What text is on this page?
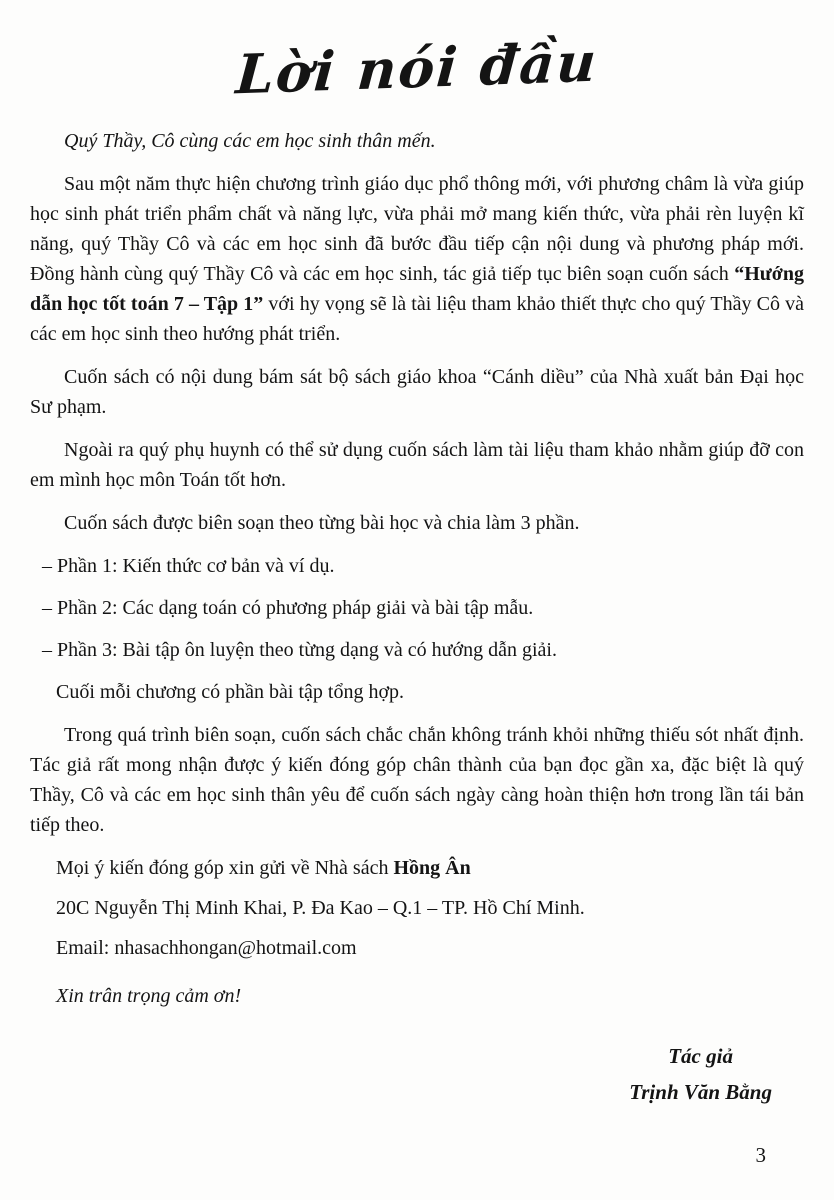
Lời nói đầu

Quý Thầy, Cô cùng các em học sinh thân mến.

Sau một năm thực hiện chương trình giáo dục phổ thông mới, với phương châm là vừa giúp học sinh phát triển phẩm chất và năng lực, vừa phải mở mang kiến thức, vừa phải rèn luyện kĩ năng, quý Thầy Cô và các em học sinh đã bước đầu tiếp cận nội dung và phương pháp mới. Đồng hành cùng quý Thầy Cô và các em học sinh, tác giả tiếp tục biên soạn cuốn sách “Hướng dẫn học tốt toán 7 – Tập 1” với hy vọng sẽ là tài liệu tham khảo thiết thực cho quý Thầy Cô và các em học sinh theo hướng phát triển.

Cuốn sách có nội dung bám sát bộ sách giáo khoa “Cánh diều” của Nhà xuất bản Đại học Sư phạm.

Ngoài ra quý phụ huynh có thể sử dụng cuốn sách làm tài liệu tham khảo nhằm giúp đỡ con em mình học môn Toán tốt hơn.

Cuốn sách được biên soạn theo từng bài học và chia làm 3 phần.

– Phần 1: Kiến thức cơ bản và ví dụ.

– Phần 2: Các dạng toán có phương pháp giải và bài tập mẫu.

– Phần 3: Bài tập ôn luyện theo từng dạng và có hướng dẫn giải.

Cuối mỗi chương có phần bài tập tổng hợp.

Trong quá trình biên soạn, cuốn sách chắc chắn không tránh khỏi những thiếu sót nhất định. Tác giả rất mong nhận được ý kiến đóng góp chân thành của bạn đọc gần xa, đặc biệt là quý Thầy, Cô và các em học sinh thân yêu để cuốn sách ngày càng hoàn thiện hơn trong lần tái bản tiếp theo.

Mọi ý kiến đóng góp xin gửi về Nhà sách Hồng Ân

20C Nguyễn Thị Minh Khai, P. Đa Kao – Q.1 – TP. Hồ Chí Minh.

Email: nhasachhongan@hotmail.com

Xin trân trọng cảm ơn!

Tác giả
Trịnh Văn Bằng
3
